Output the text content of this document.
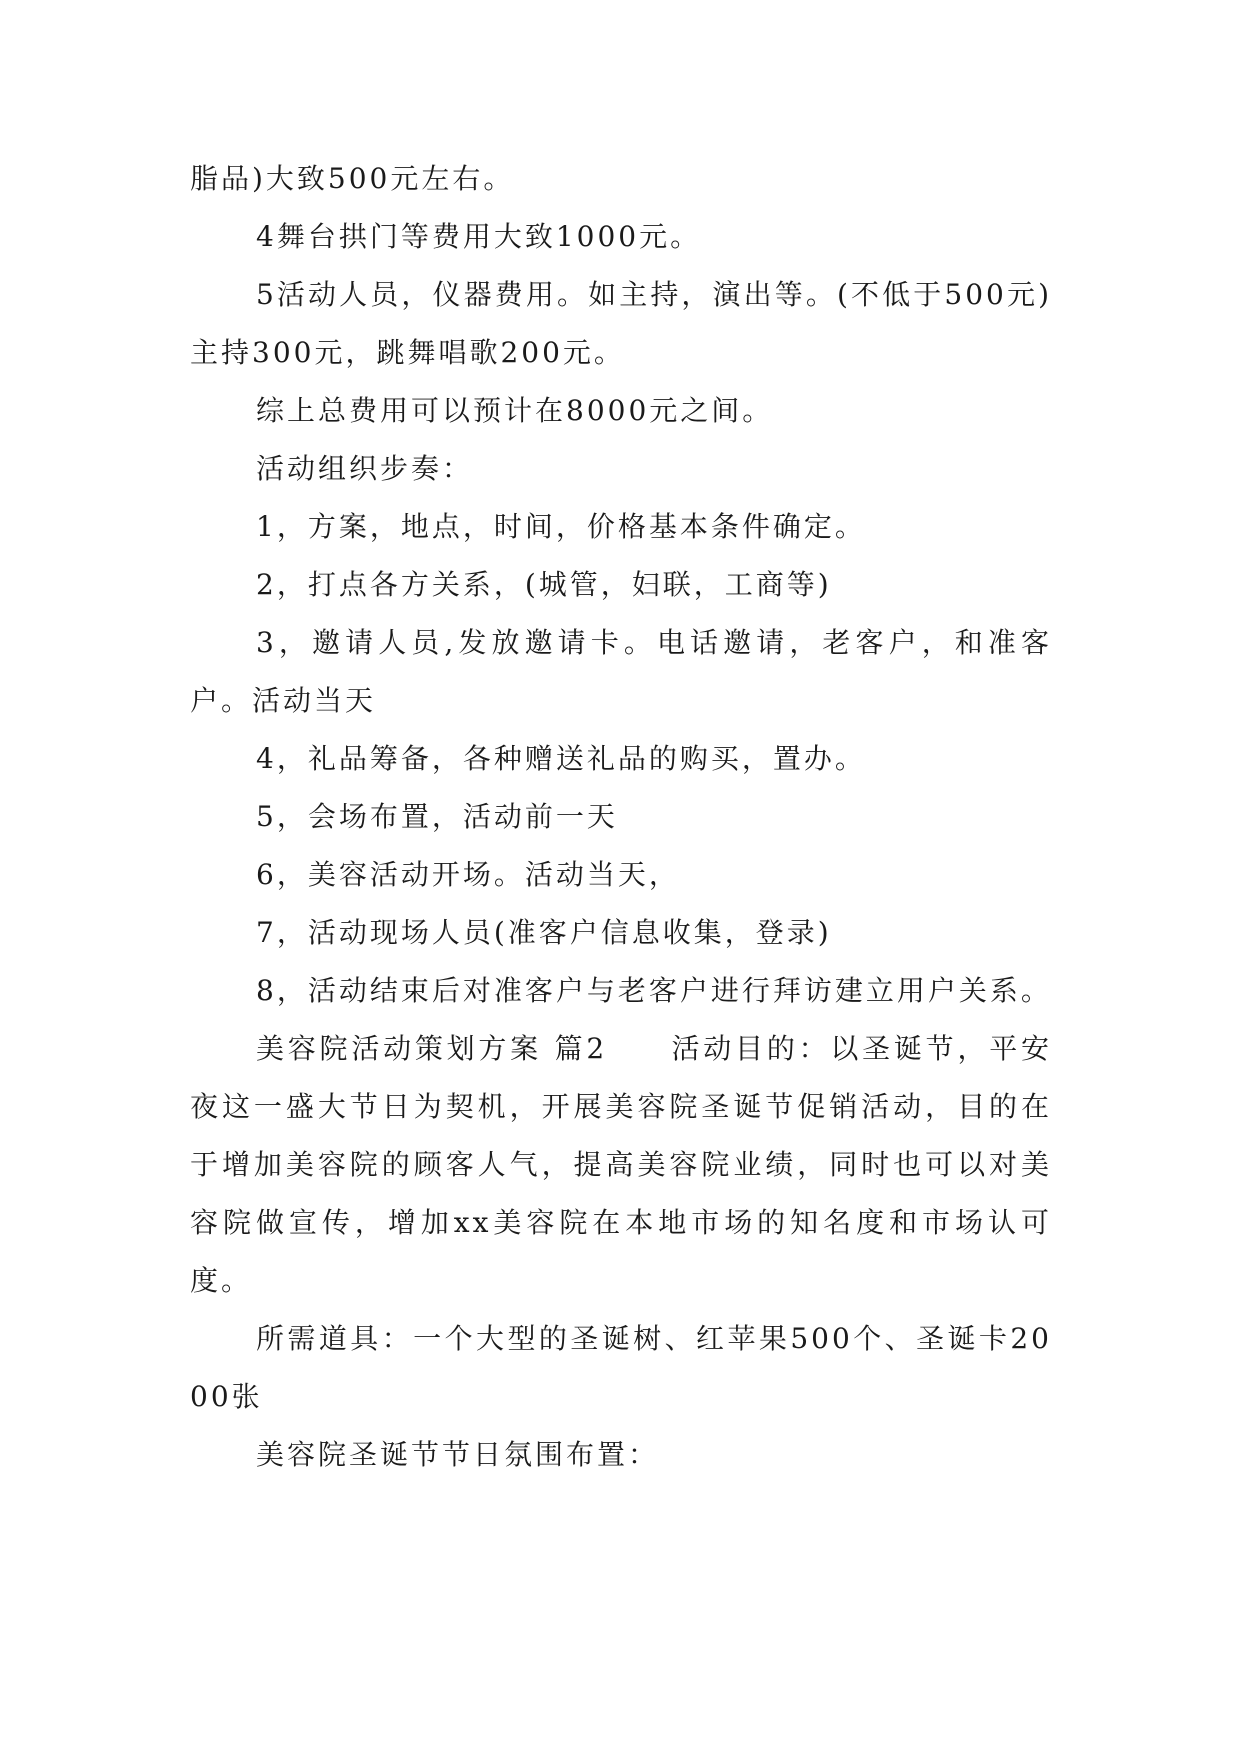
脂品)大致500元左右。

4舞台拱门等费用大致1000元。

5活动人员，仪器费用。如主持，演出等。(不低于500元)主持300元，跳舞唱歌200元。

综上总费用可以预计在8000元之间。

活动组织步奏：

1，方案，地点，时间，价格基本条件确定。

2，打点各方关系，(城管，妇联，工商等)

3，邀请人员,发放邀请卡。电话邀请，老客户，和准客户。活动当天

4，礼品筹备，各种赠送礼品的购买，置办。

5，会场布置，活动前一天

6，美容活动开场。活动当天，

7，活动现场人员(准客户信息收集，登录)

8，活动结束后对准客户与老客户进行拜访建立用户关系。

美容院活动策划方案 篇2　　活动目的：以圣诞节，平安夜这一盛大节日为契机，开展美容院圣诞节促销活动，目的在于增加美容院的顾客人气，提高美容院业绩，同时也可以对美容院做宣传，增加xx美容院在本地市场的知名度和市场认可度。

所需道具：一个大型的圣诞树、红苹果500个、圣诞卡2000张

美容院圣诞节节日氛围布置：
